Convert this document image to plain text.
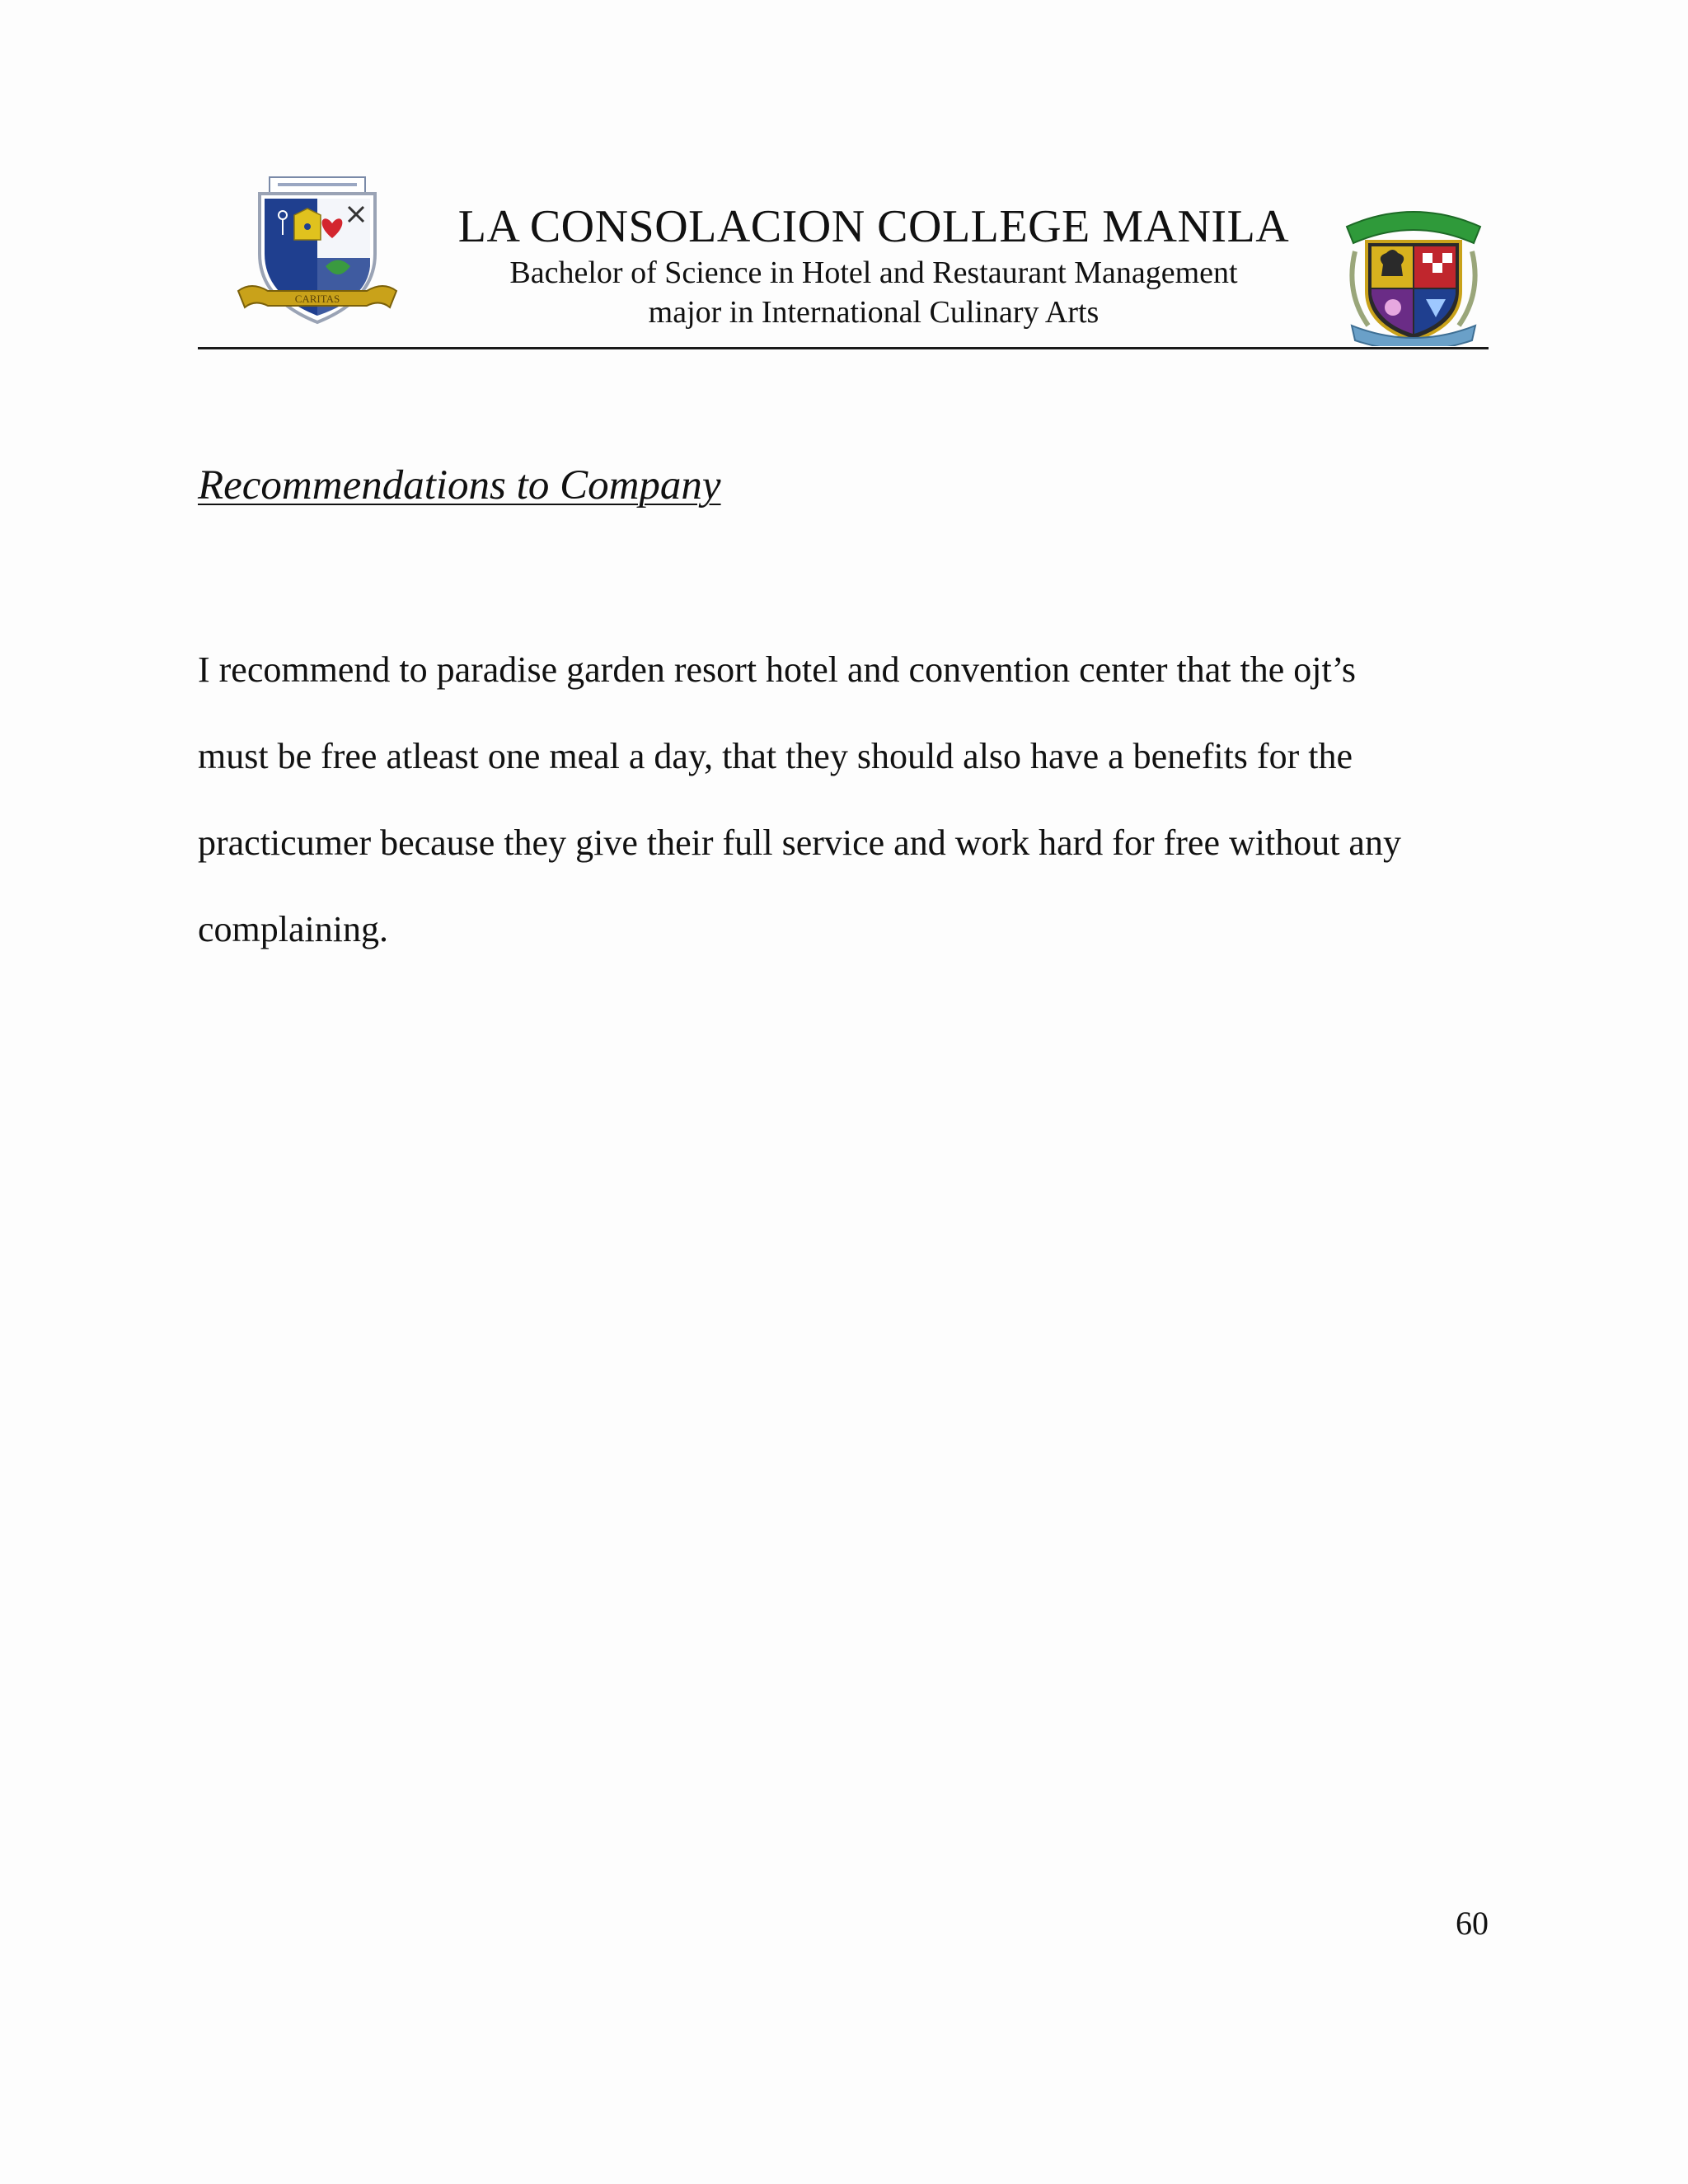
CARITAS
LA CONSOLACION COLLEGE MANILA

Bachelor of Science in Hotel and Restaurant Management

major in International Culinary Arts

Recommendations to Company

I recommend to paradise garden resort hotel and convention center that the ojt’s
must be free atleast one meal a day, that they should also have a benefits for the
practicumer because they give their full service and work hard for free without any
complaining.

60
